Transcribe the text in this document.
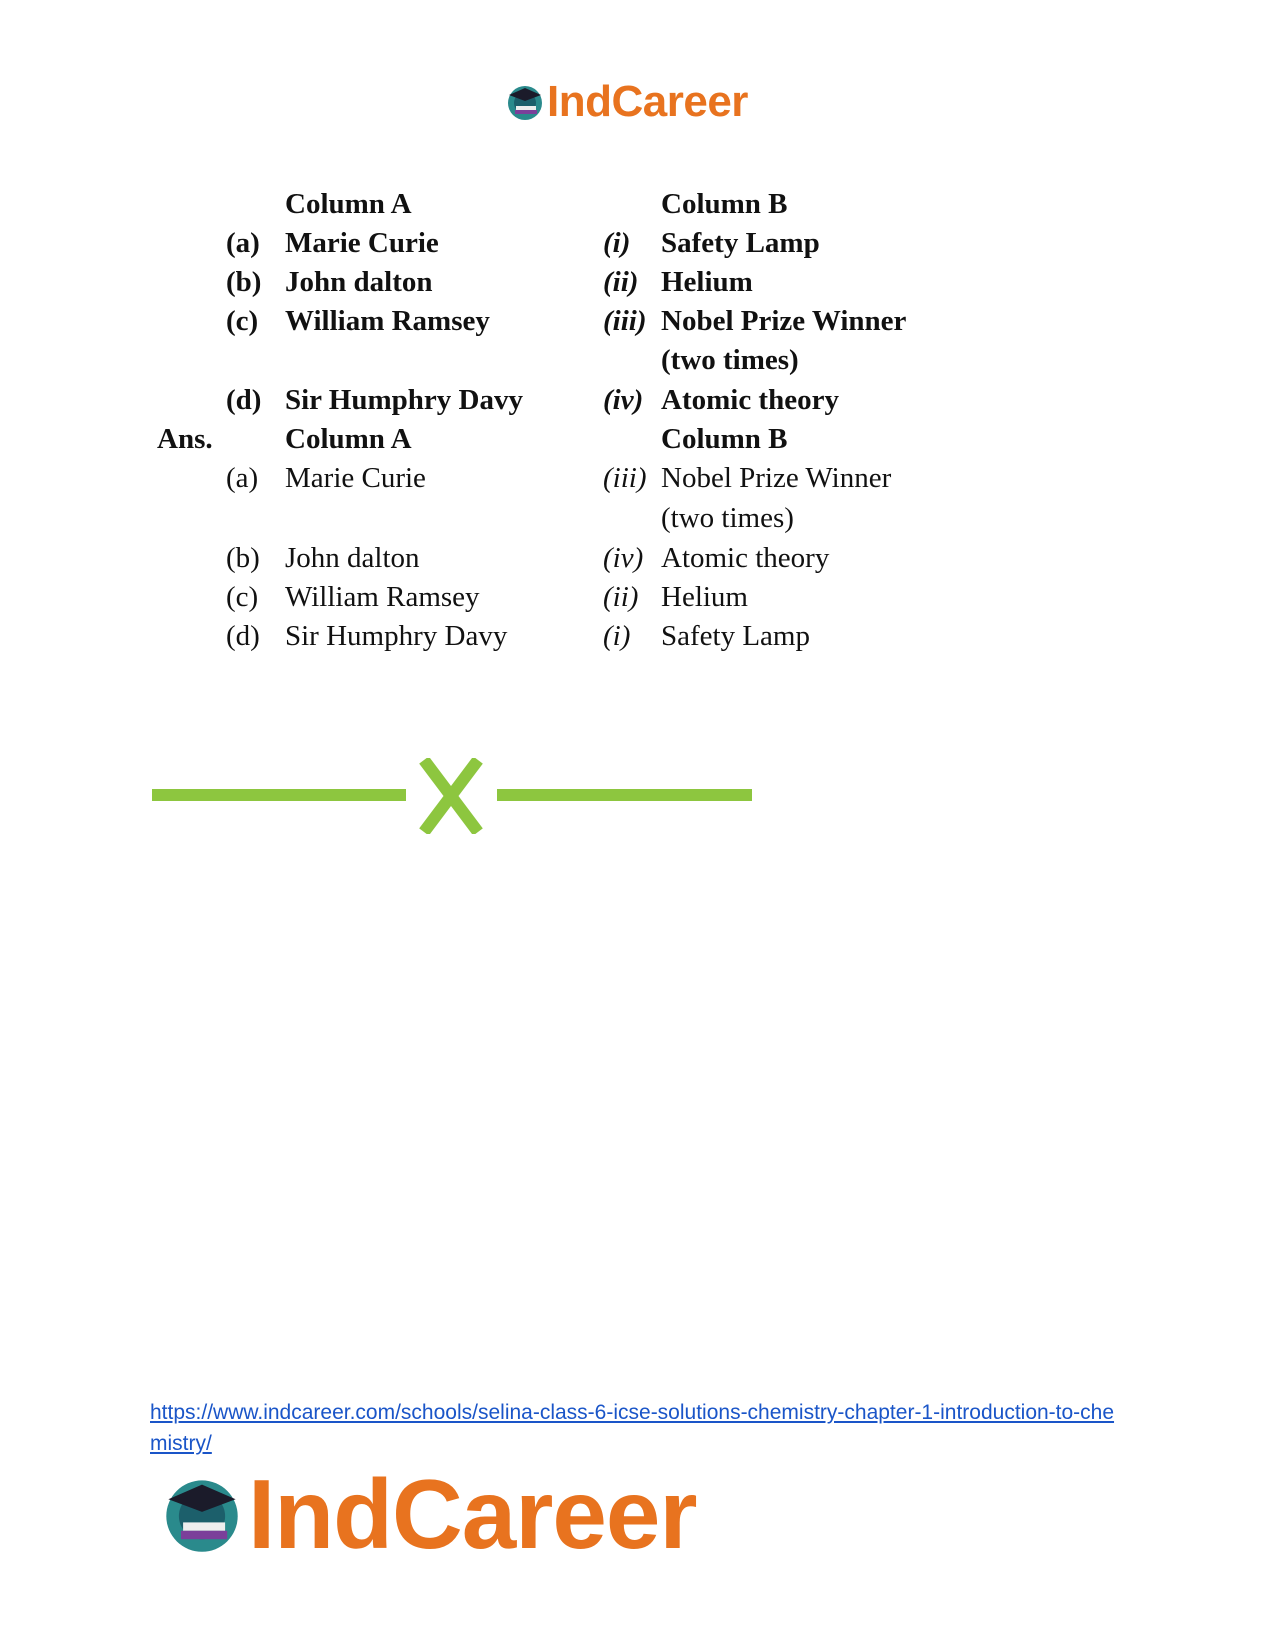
IndCareer
Column A	Column B
(a) Marie Curie	(i) Safety Lamp
(b) John dalton	(ii) Helium
(c) William Ramsey	(iii) Nobel Prize Winner
(two times)
(d) Sir Humphry Davy	(iv) Atomic theory
Ans. Column A	Column B
(a) Marie Curie	(iii) Nobel Prize Winner
(two times)
(b) John dalton	(iv) Atomic theory
(c) William Ramsey	(ii) Helium
(d) Sir Humphry Davy	(i) Safety Lamp
https://www.indcareer.com/schools/selina-class-6-icse-solutions-chemistry-chapter-1-introduction-to-chemistry/
IndCareer
